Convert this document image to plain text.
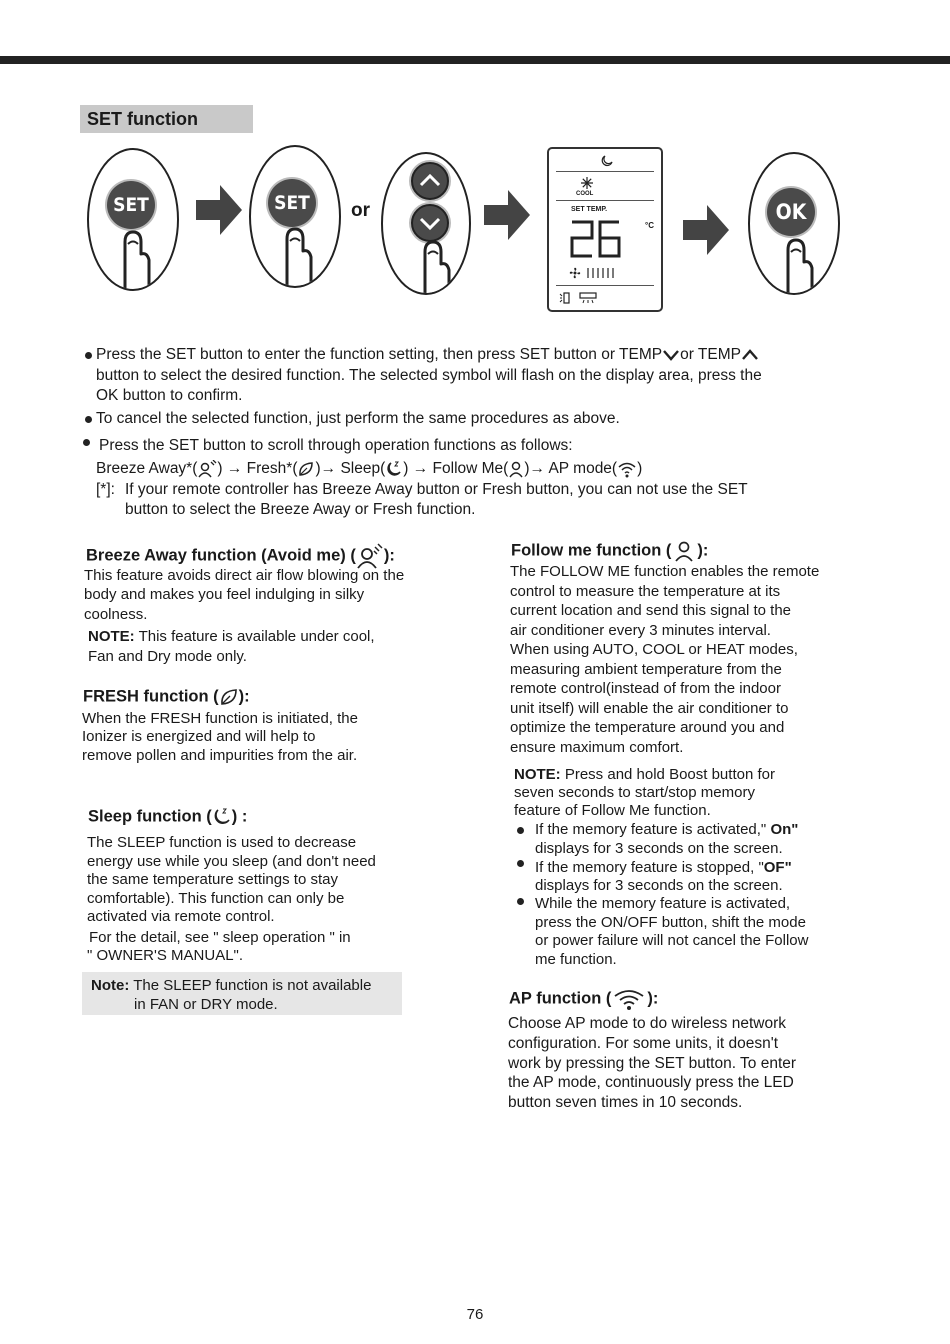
SET function
SET	SET	or
COOL
SET TEMP.
°C
OK
Press the SET button to enter the function setting, then press SET button or TEMP or TEMP
button to select the desired function. The selected symbol will flash on the display area, press the
OK button to confirm.
To cancel the selected function, just perform the same procedures as above.
Press the SET button to scroll through operation functions as follows:
Breeze Away*( ) → Fresh*( )→ Sleep( ) → Follow Me( )→ AP mode( )
[*]: If your remote controller has Breeze Away button or Fresh button, you can not use the SET
button to select the Breeze Away or Fresh function.
Breeze Away function (Avoid me) ( ):
This feature avoids direct air flow blowing on the
body and makes you feel indulging in silky
coolness.
NOTE: This feature is available under cool,
Fan and Dry mode only.
FRESH function ( ):
When the FRESH function is initiated, the
Ionizer is energized and will help to
remove pollen and impurities from the air.
Sleep function ( ) :
The SLEEP function is used to decrease
energy use while you sleep (and don't need
the same temperature settings to stay
comfortable). This function can only be
activated via remote control.
For the detail, see " sleep operation " in
" OWNER'S MANUAL".
Note: The SLEEP function is not available
in FAN or DRY mode.
Follow me function ( ):
The FOLLOW ME function enables the remote
control to measure the temperature at its
current location and send this signal to the
air conditioner every 3 minutes interval.
When using AUTO, COOL or HEAT modes,
measuring ambient temperature from the
remote control(instead of from the indoor
unit itself) will enable the air conditioner to
optimize the temperature around you and
ensure maximum comfort.
NOTE: Press and hold Boost button for
seven seconds to start/stop memory
feature of Follow Me function.
If the memory feature is activated," On"
displays for 3 seconds on the screen.
If the memory feature is stopped, "OF"
displays for 3 seconds on the screen.
While the memory feature is activated,
press the ON/OFF button, shift the mode
or power failure will not cancel the Follow
me function.
AP function ( ):
Choose AP mode to do wireless network
configuration. For some units, it doesn't
work by pressing the SET button. To enter
the AP mode, continuously press the LED
button seven times in 10 seconds.
76
